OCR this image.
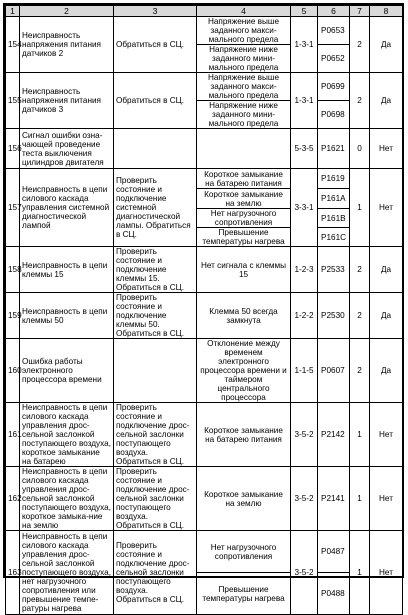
1	2	3	4	5	6	7	8
154	Неисправность напряжения питания датчиков 2	Обратиться в СЦ.	Напряжение выше заданного макси-мального предела	1-3-1	P0653	2	Да
			Напряжение ниже заданного мини-мального предела		P0652		
155	Неисправность напряжения питания датчиков 3	Обратиться в СЦ.	Напряжение выше заданного макси-мального предела	1-3-1	P0699	2	Да
			Напряжение ниже заданного мини-мального предела		P0698		
156	Сигнал ошибки озна-чающей проведение теста выключения цилиндров двигателя			5-3-5	P1621	0	Нет
157	Неисправность в цепи силового каскада управления системной диагностической лампой	Проверить состояние и подключение системной диагностической лампы. Обратиться в СЦ.	Короткое замыкание на батарею питания	3-3-1	P1619	1	Нет
			Короткое замыкание на землю		P161A		
			Нет нагрузочного сопротивления		P161B		
			Превышение температуры нагрева		P161C		
158	Неисправность в цепи клеммы 15	Проверить состояние и подключение клеммы 15. Обратиться в СЦ.	Нет сигнала с клеммы 15	1-2-3	P2533	2	Да
159	Неисправность в цепи клеммы 50	Проверить состояние и подключение клеммы 50. Обратиться в СЦ.	Клемма 50 всегда замкнута	1-2-2	P2530	2	Да
160	Ошибка работы электронного процессора времени		Отклонение между временем электронного процессора времени и таймером центрального процессора	1-1-5	P0607	2	Да
161	Неисправность в цепи силового каскада управления дрос-сельной заслонкой поступающего воздуха, короткое замыкание на батарею	Проверить состояние и подключение дрос-сельной заслонки поступающего воздуха. Обратиться в СЦ.	Короткое замыкание на батарею питания	3-5-2	P2142	1	Нет
162	Неисправность в цепи силового каскада управления дрос-сельной заслонкой поступающего воздуха, короткое замыка-ние на землю	Проверить состояние и подключение дрос-сельной заслонки поступающего воздуха. Обратиться в СЦ.	Короткое замыкание на землю	3-5-2	P2141	1	Нет
163	Неисправность в цепи силового каскада управления дрос-сельной заслонкой поступающего воздуха, нет нагрузочного сопротивления или превышение темпе-ратуры нагрева	Проверить состояние и подключение дрос-сельной заслонки поступающего воздуха. Обратиться в СЦ.	Нет нагрузочного сопротивления	3-5-2	P0487	1	Нет
			Превышение температуры нагрева		P0488		
